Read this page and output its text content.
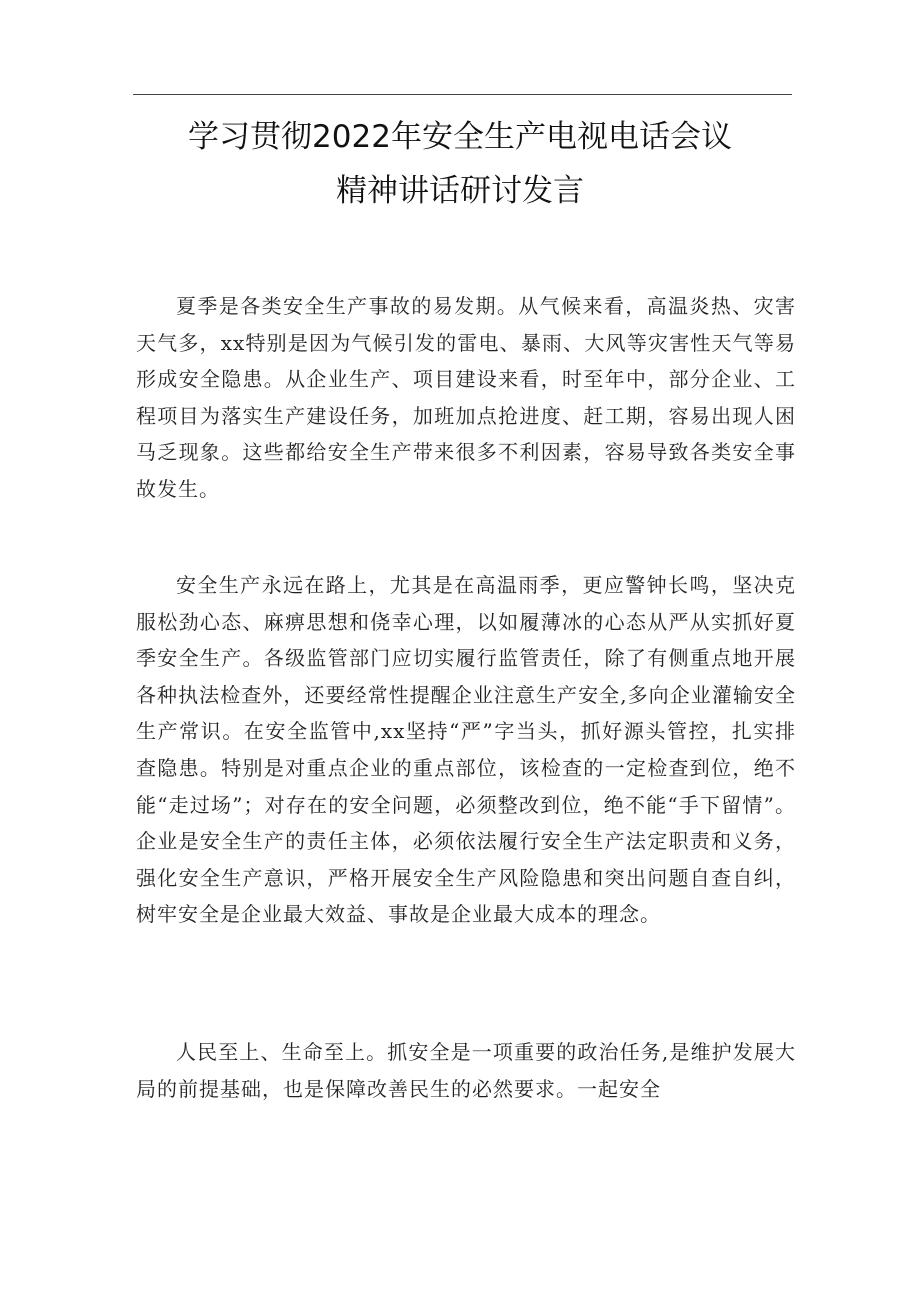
学习贯彻2022年安全生产电视电话会议
精神讲话研讨发言

夏季是各类安全生产事故的易发期。从气候来看，高温炎热、灾害天气多，xx特别是因为气候引发的雷电、暴雨、大风等灾害性天气等易形成安全隐患。从企业生产、项目建设来看，时至年中，部分企业、工程项目为落实生产建设任务，加班加点抢进度、赶工期，容易出现人困马乏现象。这些都给安全生产带来很多不利因素，容易导致各类安全事故发生。

安全生产永远在路上，尤其是在高温雨季，更应警钟长鸣，坚决克服松劲心态、麻痹思想和侥幸心理，以如履薄冰的心态从严从实抓好夏季安全生产。各级监管部门应切实履行监管责任，除了有侧重点地开展各种执法检查外，还要经常性提醒企业注意生产安全,多向企业灌输安全生产常识。在安全监管中,xx坚持“严”字当头，抓好源头管控，扎实排查隐患。特别是对重点企业的重点部位，该检查的一定检查到位，绝不能“走过场”；对存在的安全问题，必须整改到位，绝不能“手下留情”。企业是安全生产的责任主体，必须依法履行安全生产法定职责和义务，强化安全生产意识，严格开展安全生产风险隐患和突出问题自查自纠，树牢安全是企业最大效益、事故是企业最大成本的理念。

人民至上、生命至上。抓安全是一项重要的政治任务,是维护发展大局的前提基础，也是保障改善民生的必然要求。一起安全
